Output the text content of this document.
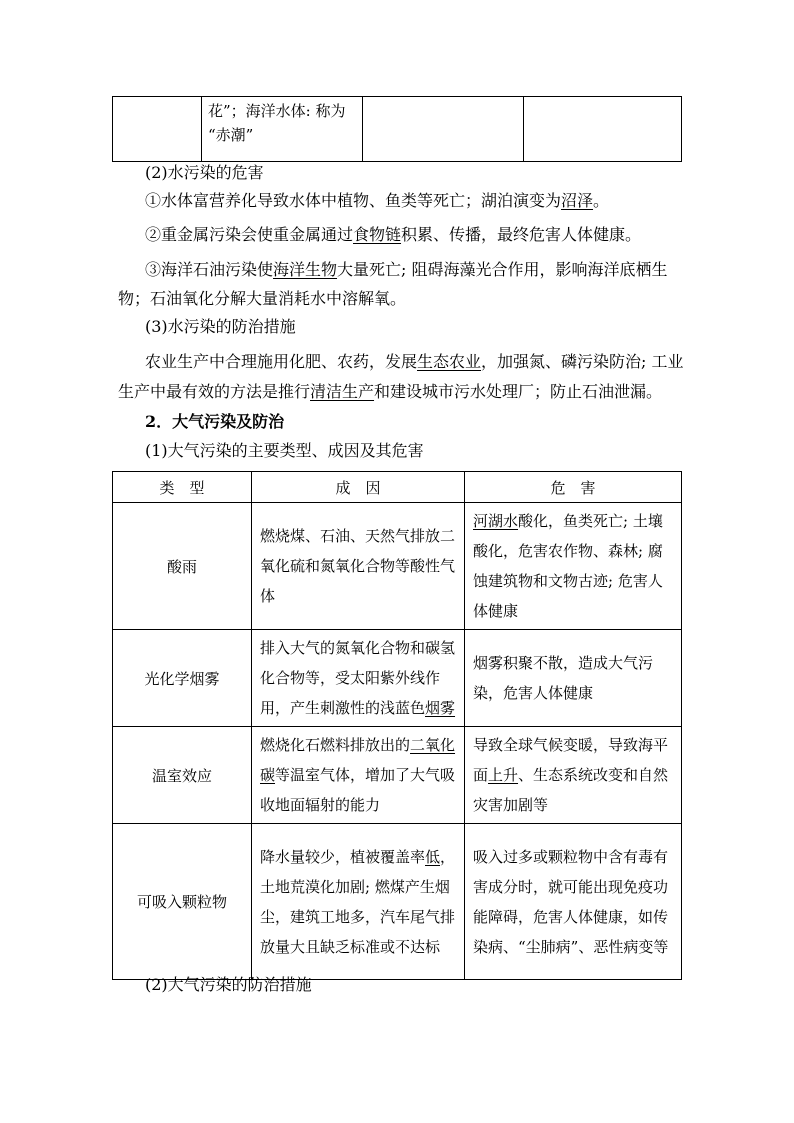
	花”；海洋水体: 称为
“赤潮”		
(2)水污染的危害
①水体富营养化导致水体中植物、鱼类等死亡；湖泊演变为沼泽。
②重金属污染会使重金属通过食物链积累、传播，最终危害人体健康。
③海洋石油污染使海洋生物大量死亡; 阻碍海藻光合作用，影响海洋底栖生物；石油氧化分解大量消耗水中溶解氧。
(3)水污染的防治措施
农业生产中合理施用化肥、农药，发展生态农业，加强氮、磷污染防治; 工业生产中最有效的方法是推行清洁生产和建设城市污水处理厂；防止石油泄漏。
2．大气污染及防治
(1)大气污染的主要类型、成因及其危害
类　型	成　因	危　害
酸雨	燃烧煤、石油、天然气排放二氧化硫和氮氧化合物等酸性气体	河湖水酸化，鱼类死亡; 土壤酸化，危害农作物、森林; 腐蚀建筑物和文物古迹; 危害人体健康
光化学烟雾	排入大气的氮氧化合物和碳氢化合物等，受太阳紫外线作用，产生刺激性的浅蓝色烟雾	烟雾积聚不散，造成大气污染，危害人体健康
温室效应	燃烧化石燃料排放出的二氧化碳等温室气体，增加了大气吸收地面辐射的能力	导致全球气候变暖，导致海平面上升、生态系统改变和自然灾害加剧等
可吸入颗粒物	降水量较少，植被覆盖率低，土地荒漠化加剧; 燃煤产生烟尘，建筑工地多，汽车尾气排放量大且缺乏标准或不达标	吸入过多或颗粒物中含有毒有害成分时，就可能出现免疫功能障碍，危害人体健康，如传染病、“尘肺病”、恶性病变等
(2)大气污染的防治措施
